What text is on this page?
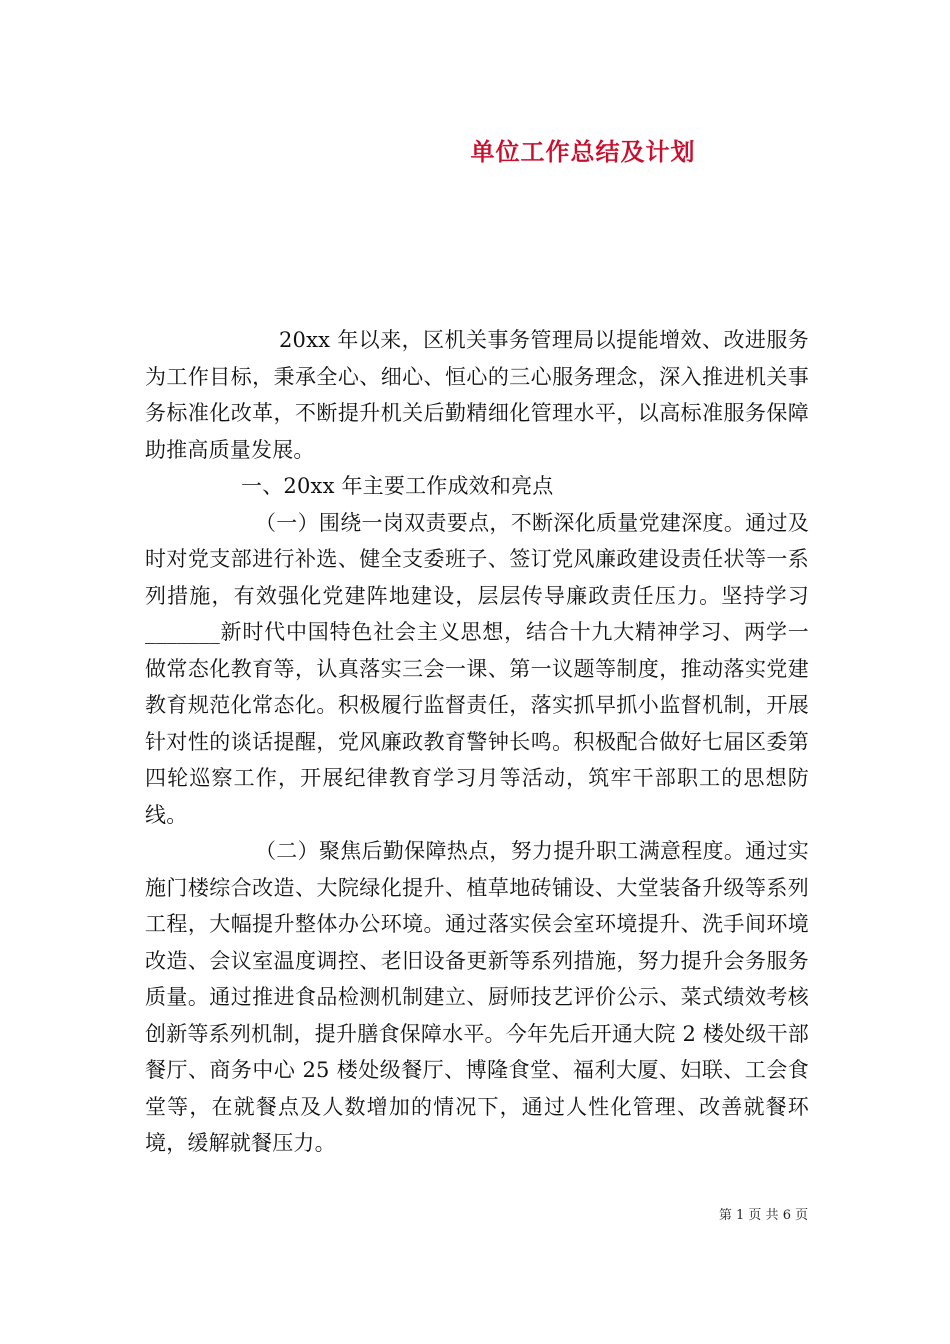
单位工作总结及计划

20xx 年以来，区机关事务管理局以提能增效、改进服务为工作目标，秉承全心、细心、恒心的三心服务理念，深入推进机关事务标准化改革，不断提升机关后勤精细化管理水平，以高标准服务保障助推高质量发展。

一、20xx 年主要工作成效和亮点

（一）围绕一岗双责要点，不断深化质量党建深度。通过及时对党支部进行补选、健全支委班子、签订党风廉政建设责任状等一系列措施，有效强化党建阵地建设，层层传导廉政责任压力。坚持学习_______新时代中国特色社会主义思想，结合十九大精神学习、两学一做常态化教育等，认真落实三会一课、第一议题等制度，推动落实党建教育规范化常态化。积极履行监督责任，落实抓早抓小监督机制，开展针对性的谈话提醒，党风廉政教育警钟长鸣。积极配合做好七届区委第四轮巡察工作，开展纪律教育学习月等活动，筑牢干部职工的思想防线。

（二）聚焦后勤保障热点，努力提升职工满意程度。通过实施门楼综合改造、大院绿化提升、植草地砖铺设、大堂装备升级等系列工程，大幅提升整体办公环境。通过落实侯会室环境提升、洗手间环境改造、会议室温度调控、老旧设备更新等系列措施，努力提升会务服务质量。通过推进食品检测机制建立、厨师技艺评价公示、菜式绩效考核创新等系列机制，提升膳食保障水平。今年先后开通大院 2 楼处级干部餐厅、商务中心 25 楼处级餐厅、博隆食堂、福利大厦、妇联、工会食堂等，在就餐点及人数增加的情况下，通过人性化管理、改善就餐环境，缓解就餐压力。

第 1 页 共 6 页
